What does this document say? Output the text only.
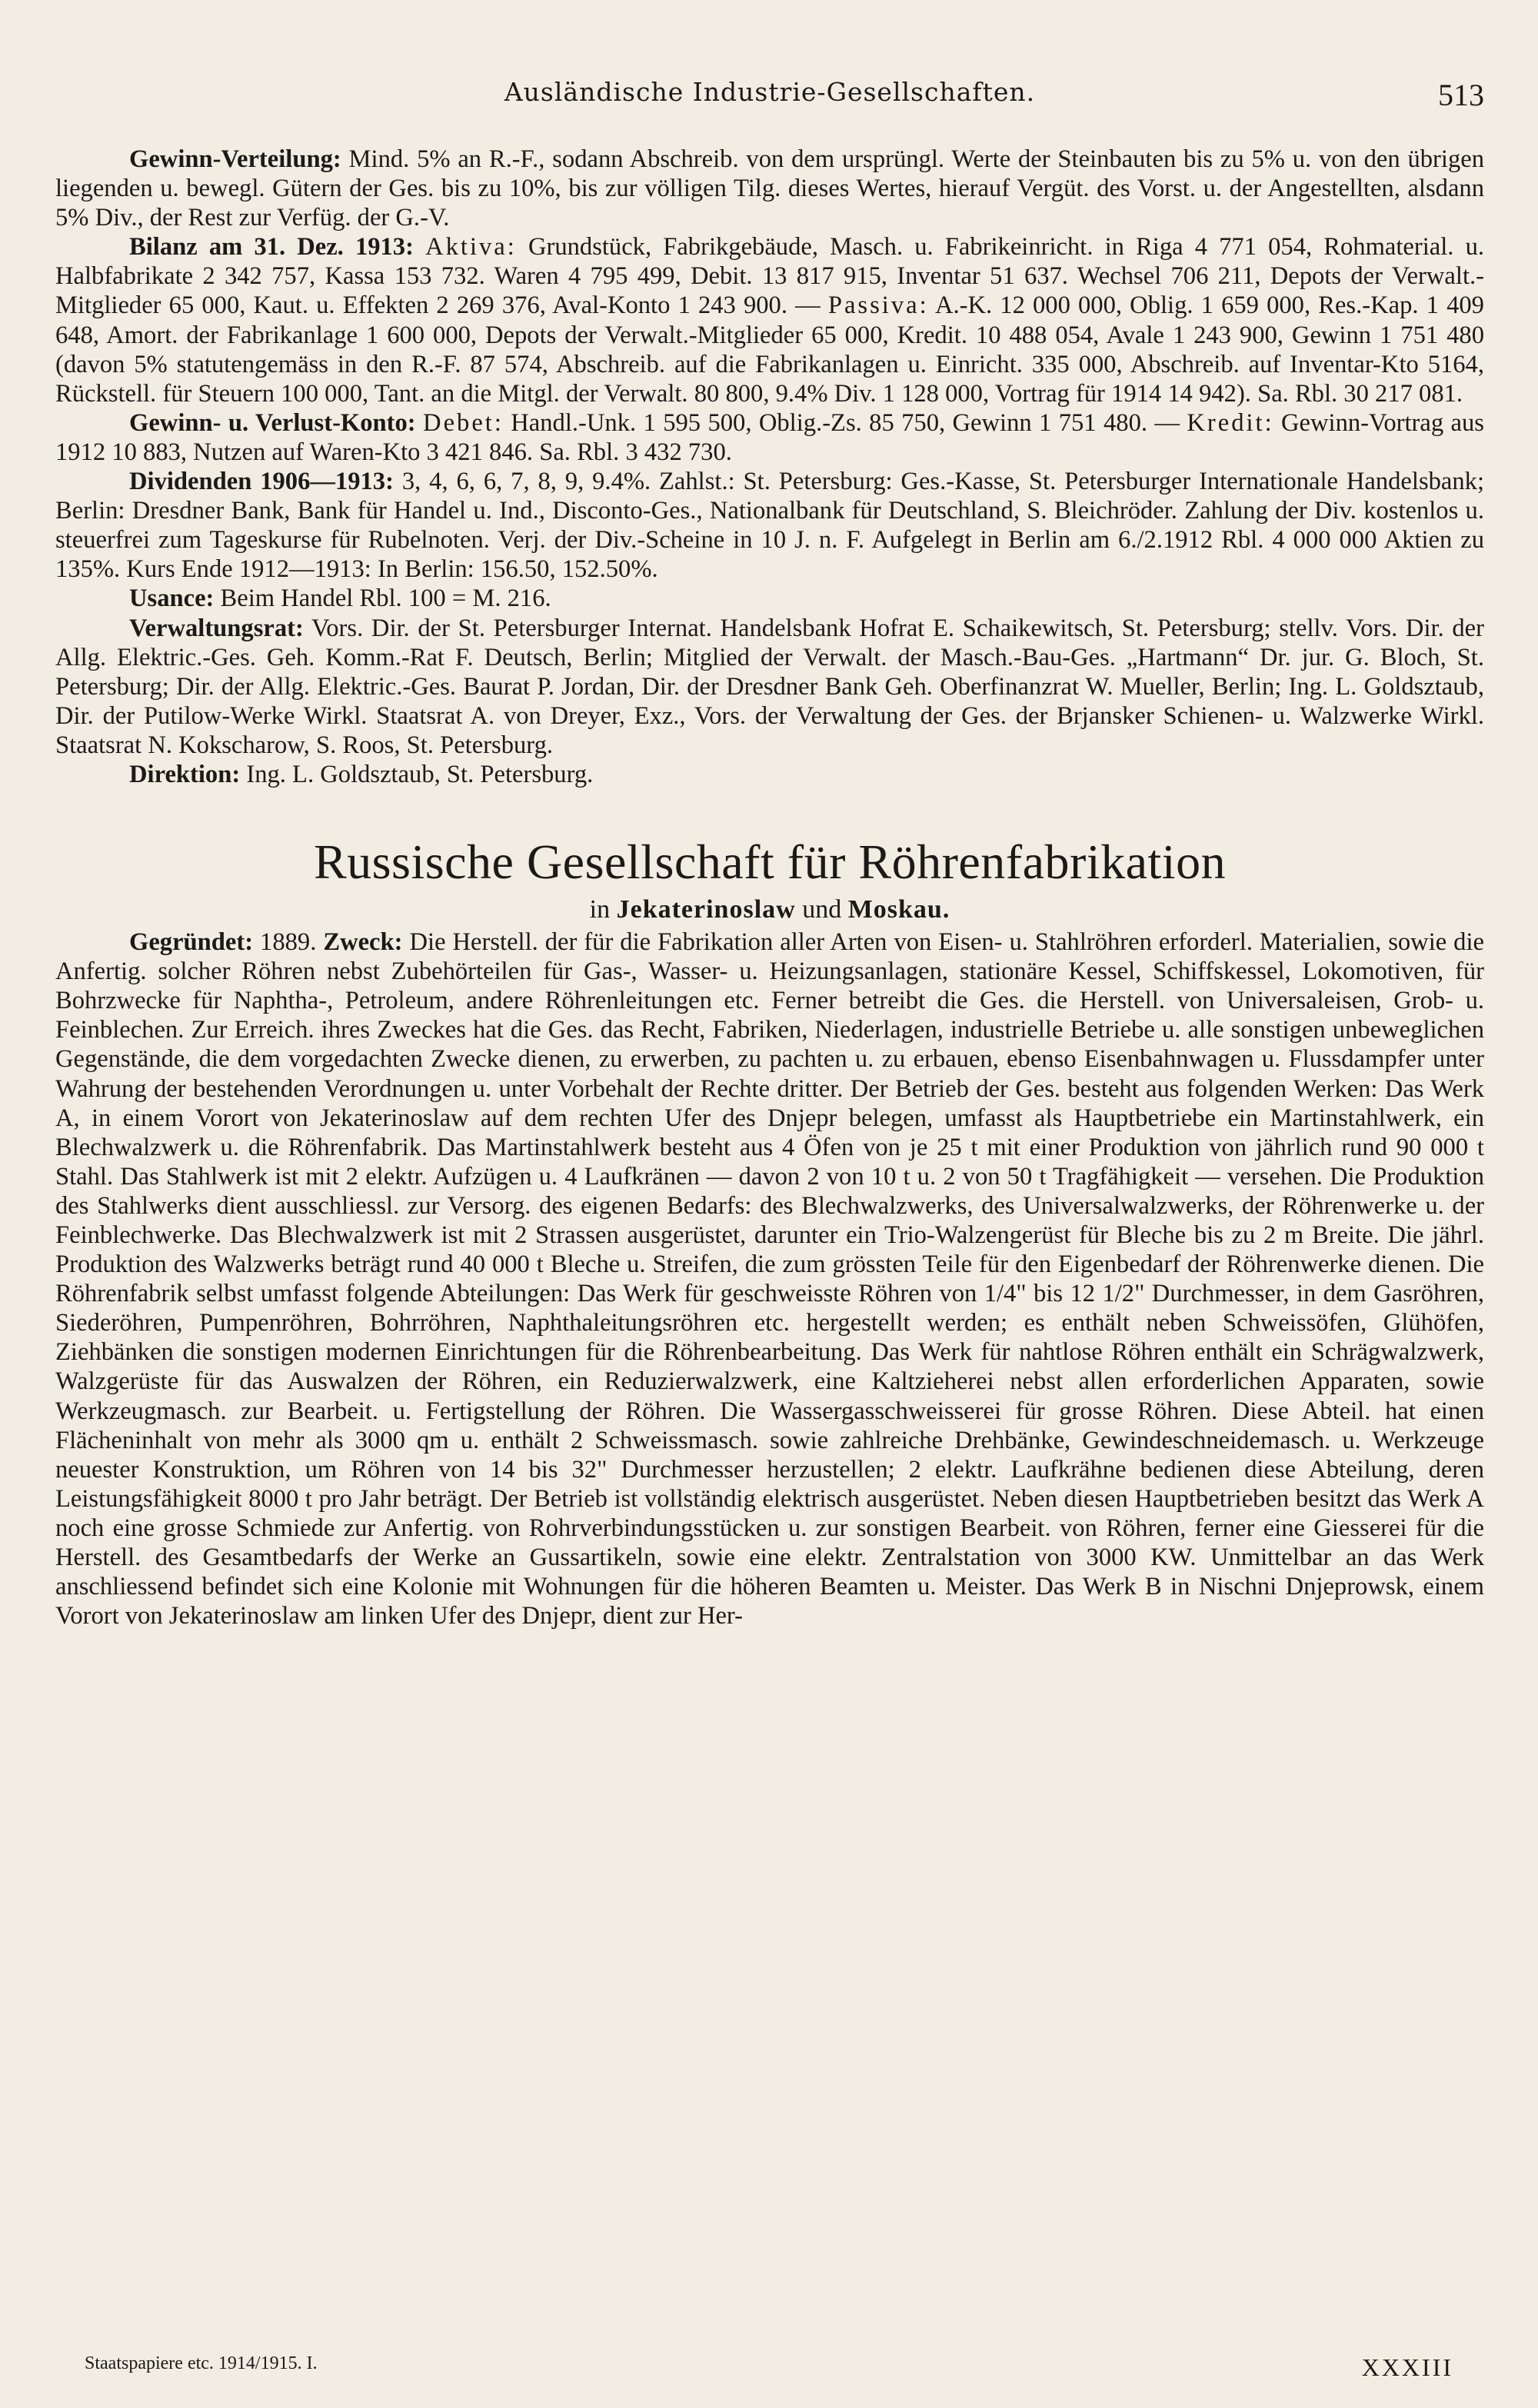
Ausländische Industrie-Gesellschaften.	513

Gewinn-Verteilung: Mind. 5% an R.-F., sodann Abschreib. von dem ursprüngl. Werte der Steinbauten bis zu 5% u. von den übrigen liegenden u. bewegl. Gütern der Ges. bis zu 10%, bis zur völligen Tilg. dieses Wertes, hierauf Vergüt. des Vorst. u. der Angestellten, alsdann 5% Div., der Rest zur Verfüg. der G.-V.

Bilanz am 31. Dez. 1913: Aktiva: Grundstück, Fabrikgebäude, Masch. u. Fabrikeinricht. in Riga 4 771 054, Rohmaterial. u. Halbfabrikate 2 342 757, Kassa 153 732. Waren 4 795 499, Debit. 13 817 915, Inventar 51 637. Wechsel 706 211, Depots der Verwalt.-Mitglieder 65 000, Kaut. u. Effekten 2 269 376, Aval-Konto 1 243 900. — Passiva: A.-K. 12 000 000, Oblig. 1 659 000, Res.-Kap. 1 409 648, Amort. der Fabrikanlage 1 600 000, Depots der Verwalt.-Mitglieder 65 000, Kredit. 10 488 054, Avale 1 243 900, Gewinn 1 751 480 (davon 5% statutengemäss in den R.-F. 87 574, Abschreib. auf die Fabrikanlagen u. Einricht. 335 000, Abschreib. auf Inventar-Kto 5164, Rückstell. für Steuern 100 000, Tant. an die Mitgl. der Verwalt. 80 800, 9.4% Div. 1 128 000, Vortrag für 1914 14 942). Sa. Rbl. 30 217 081.

Gewinn- u. Verlust-Konto: Debet: Handl.-Unk. 1 595 500, Oblig.-Zs. 85 750, Gewinn 1 751 480. — Kredit: Gewinn-Vortrag aus 1912 10 883, Nutzen auf Waren-Kto 3 421 846. Sa. Rbl. 3 432 730.

Dividenden 1906—1913: 3, 4, 6, 6, 7, 8, 9, 9.4%. Zahlst.: St. Petersburg: Ges.-Kasse, St. Petersburger Internationale Handelsbank; Berlin: Dresdner Bank, Bank für Handel u. Ind., Disconto-Ges., Nationalbank für Deutschland, S. Bleichröder. Zahlung der Div. kostenlos u. steuerfrei zum Tageskurse für Rubelnoten. Verj. der Div.-Scheine in 10 J. n. F. Aufgelegt in Berlin am 6./2.1912 Rbl. 4 000 000 Aktien zu 135%. Kurs Ende 1912—1913: In Berlin: 156.50, 152.50%.

Usance: Beim Handel Rbl. 100 = M. 216.

Verwaltungsrat: Vors. Dir. der St. Petersburger Internat. Handelsbank Hofrat E. Schaikewitsch, St. Petersburg; stellv. Vors. Dir. der Allg. Elektric.-Ges. Geh. Komm.-Rat F. Deutsch, Berlin; Mitglied der Verwalt. der Masch.-Bau-Ges. „Hartmann“ Dr. jur. G. Bloch, St. Petersburg; Dir. der Allg. Elektric.-Ges. Baurat P. Jordan, Dir. der Dresdner Bank Geh. Oberfinanzrat W. Mueller, Berlin; Ing. L. Goldsztaub, Dir. der Putilow-Werke Wirkl. Staatsrat A. von Dreyer, Exz., Vors. der Verwaltung der Ges. der Brjansker Schienen- u. Walzwerke Wirkl. Staatsrat N. Kokscharow, S. Roos, St. Petersburg.

Direktion: Ing. L. Goldsztaub, St. Petersburg.

Russische Gesellschaft für Röhrenfabrikation
in Jekaterinoslaw und Moskau.

Gegründet: 1889. Zweck: Die Herstell. der für die Fabrikation aller Arten von Eisen- u. Stahlröhren erforderl. Materialien, sowie die Anfertig. solcher Röhren nebst Zubehörteilen für Gas-, Wasser- u. Heizungsanlagen, stationäre Kessel, Schiffskessel, Lokomotiven, für Bohrzwecke für Naphtha-, Petroleum, andere Röhrenleitungen etc. Ferner betreibt die Ges. die Herstell. von Universaleisen, Grob- u. Feinblechen. Zur Erreich. ihres Zweckes hat die Ges. das Recht, Fabriken, Niederlagen, industrielle Betriebe u. alle sonstigen unbeweglichen Gegenstände, die dem vorgedachten Zwecke dienen, zu erwerben, zu pachten u. zu erbauen, ebenso Eisenbahnwagen u. Flussdampfer unter Wahrung der bestehenden Verordnungen u. unter Vorbehalt der Rechte dritter. Der Betrieb der Ges. besteht aus folgenden Werken: Das Werk A, in einem Vorort von Jekaterinoslaw auf dem rechten Ufer des Dnjepr belegen, umfasst als Hauptbetriebe ein Martinstahlwerk, ein Blechwalzwerk u. die Röhrenfabrik. Das Martinstahlwerk besteht aus 4 Öfen von je 25 t mit einer Produktion von jährlich rund 90 000 t Stahl. Das Stahlwerk ist mit 2 elektr. Aufzügen u. 4 Laufkränen — davon 2 von 10 t u. 2 von 50 t Tragfähigkeit — versehen. Die Produktion des Stahlwerks dient ausschliessl. zur Versorg. des eigenen Bedarfs: des Blechwalzwerks, des Universalwalzwerks, der Röhrenwerke u. der Feinblechwerke. Das Blechwalzwerk ist mit 2 Strassen ausgerüstet, darunter ein Trio-Walzengerüst für Bleche bis zu 2 m Breite. Die jährl. Produktion des Walzwerks beträgt rund 40 000 t Bleche u. Streifen, die zum grössten Teile für den Eigenbedarf der Röhrenwerke dienen. Die Röhrenfabrik selbst umfasst folgende Abteilungen: Das Werk für geschweisste Röhren von 1/4" bis 12 1/2" Durchmesser, in dem Gasröhren, Siederöhren, Pumpenröhren, Bohrröhren, Naphthaleitungsröhren etc. hergestellt werden; es enthält neben Schweissöfen, Glühöfen, Ziehbänken die sonstigen modernen Einrichtungen für die Röhrenbearbeitung. Das Werk für nahtlose Röhren enthält ein Schrägwalzwerk, Walzgerüste für das Auswalzen der Röhren, ein Reduzierwalzwerk, eine Kaltzieherei nebst allen erforderlichen Apparaten, sowie Werkzeugmasch. zur Bearbeit. u. Fertigstellung der Röhren. Die Wassergasschweisserei für grosse Röhren. Diese Abteil. hat einen Flächeninhalt von mehr als 3000 qm u. enthält 2 Schweissmasch. sowie zahlreiche Drehbänke, Gewindeschneidemasch. u. Werkzeuge neuester Konstruktion, um Röhren von 14 bis 32" Durchmesser herzustellen; 2 elektr. Laufkrähne bedienen diese Abteilung, deren Leistungsfähigkeit 8000 t pro Jahr beträgt. Der Betrieb ist vollständig elektrisch ausgerüstet. Neben diesen Hauptbetrieben besitzt das Werk A noch eine grosse Schmiede zur Anfertig. von Rohrverbindungsstücken u. zur sonstigen Bearbeit. von Röhren, ferner eine Giesserei für die Herstell. des Gesamtbedarfs der Werke an Gussartikeln, sowie eine elektr. Zentralstation von 3000 KW. Unmittelbar an das Werk anschliessend befindet sich eine Kolonie mit Wohnungen für die höheren Beamten u. Meister. Das Werk B in Nischni Dnjeprowsk, einem Vorort von Jekaterinoslaw am linken Ufer des Dnjepr, dient zur Her-

Staatspapiere etc. 1914/1915. I.	XXXIII
